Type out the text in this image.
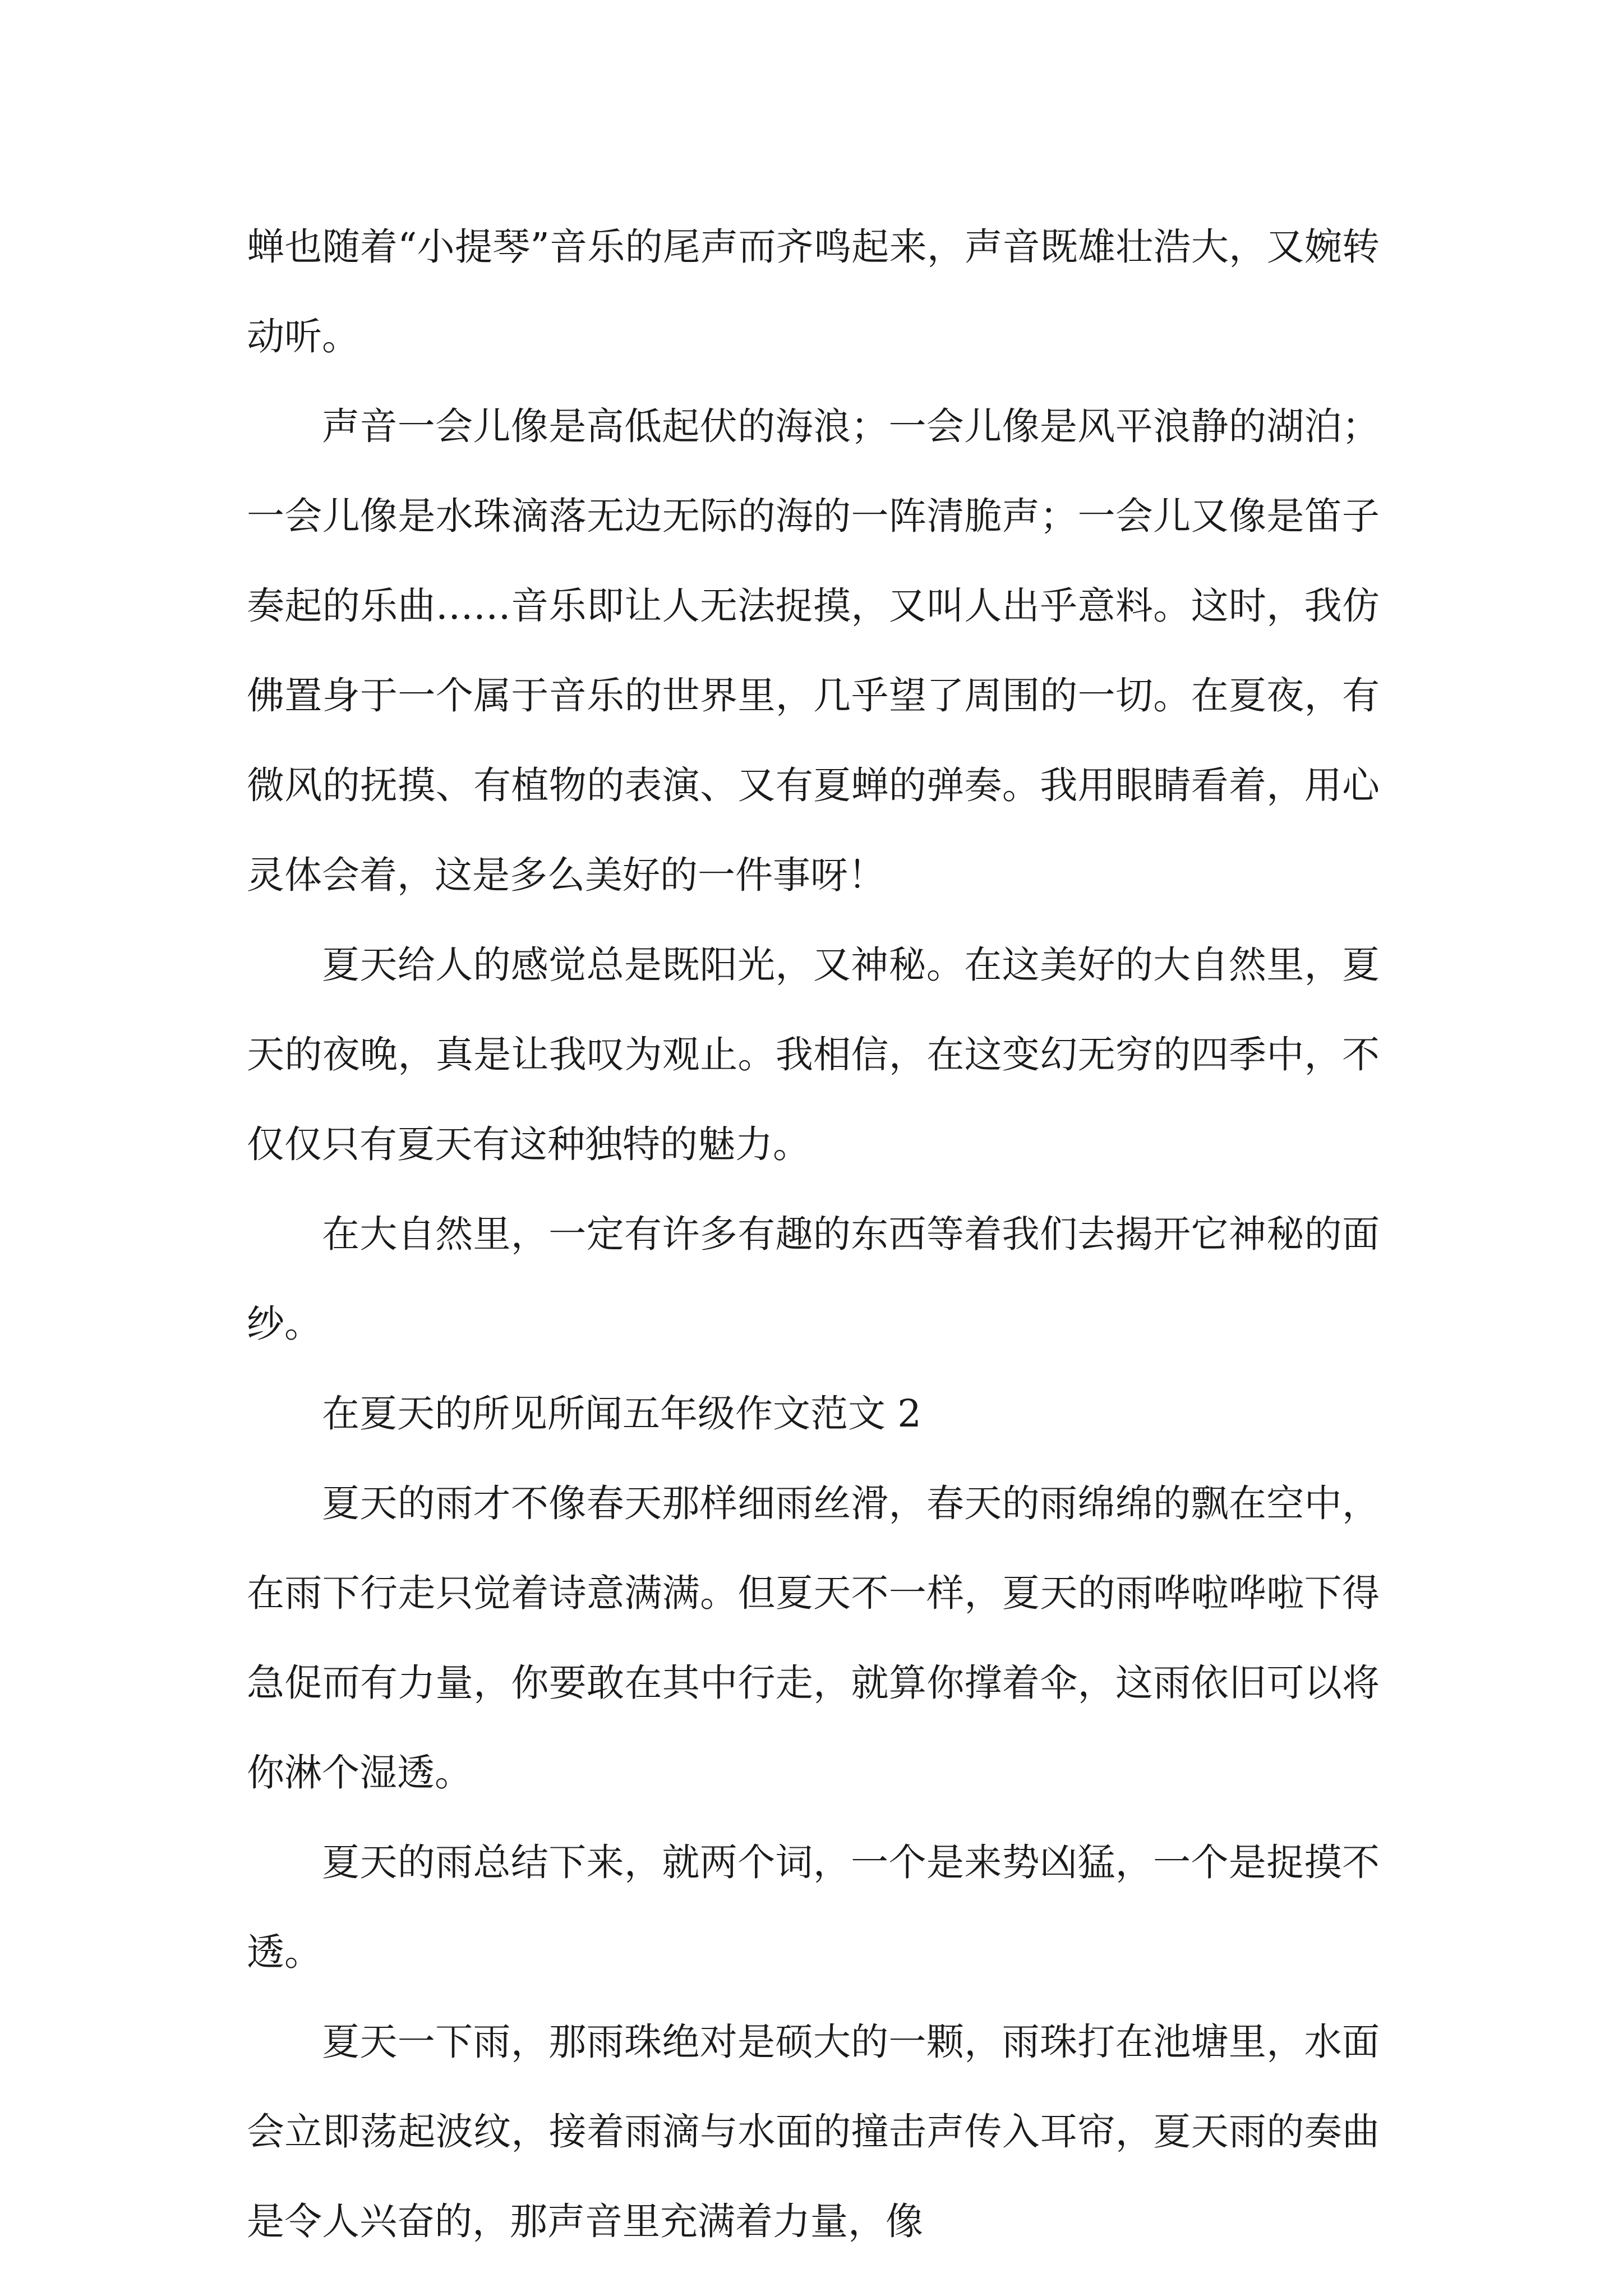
蝉也随着“小提琴”音乐的尾声而齐鸣起来，声音既雄壮浩大，又婉转动听。

声音一会儿像是高低起伏的海浪；一会儿像是风平浪静的湖泊；一会儿像是水珠滴落无边无际的海的一阵清脆声；一会儿又像是笛子奏起的乐曲……音乐即让人无法捉摸，又叫人出乎意料。这时，我仿佛置身于一个属于音乐的世界里，几乎望了周围的一切。在夏夜，有微风的抚摸、有植物的表演、又有夏蝉的弹奏。我用眼睛看着，用心灵体会着，这是多么美好的一件事呀！

夏天给人的感觉总是既阳光，又神秘。在这美好的大自然里，夏天的夜晚，真是让我叹为观止。我相信，在这变幻无穷的四季中，不仅仅只有夏天有这种独特的魅力。

在大自然里，一定有许多有趣的东西等着我们去揭开它神秘的面纱。

在夏天的所见所闻五年级作文范文 2

夏天的雨才不像春天那样细雨丝滑，春天的雨绵绵的飘在空中，在雨下行走只觉着诗意满满。但夏天不一样，夏天的雨哗啦哗啦下得急促而有力量，你要敢在其中行走，就算你撑着伞，这雨依旧可以将你淋个湿透。

夏天的雨总结下来，就两个词，一个是来势凶猛，一个是捉摸不透。

夏天一下雨，那雨珠绝对是硕大的一颗，雨珠打在池塘里，水面会立即荡起波纹，接着雨滴与水面的撞击声传入耳帘，夏天雨的奏曲是令人兴奋的，那声音里充满着力量，像
